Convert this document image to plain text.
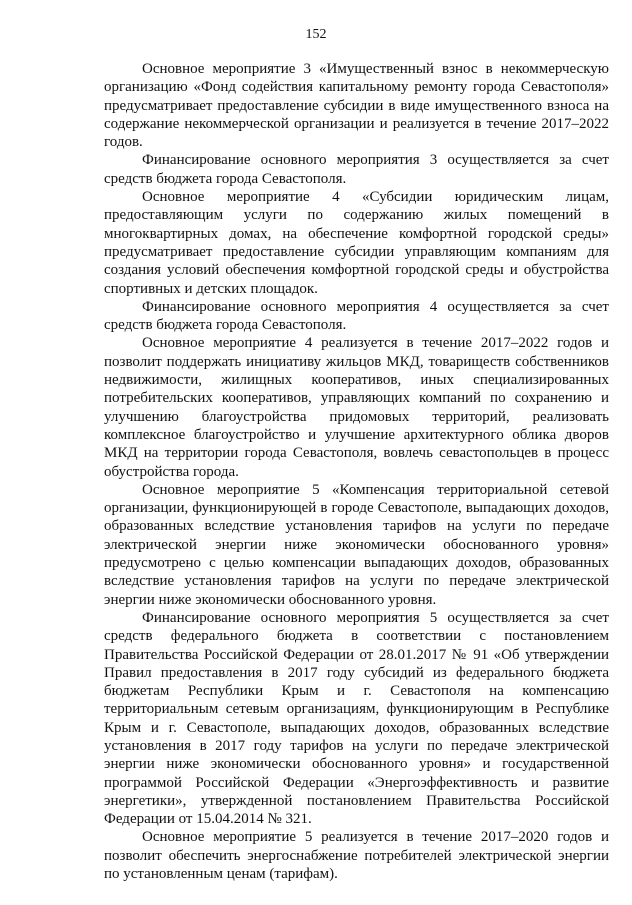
152

Основное мероприятие 3 «Имущественный взнос в некоммерческую организацию «Фонд содействия капитальному ремонту города Севастополя» предусматривает предоставление субсидии в виде имущественного взноса на содержание некоммерческой организации и реализуется в течение 2017–2022 годов.

Финансирование основного мероприятия 3 осуществляется за счет средств бюджета города Севастополя.

Основное мероприятие 4 «Субсидии юридическим лицам, предоставляющим услуги по содержанию жилых помещений в многоквартирных домах, на обеспечение комфортной городской среды» предусматривает предоставление субсидии управляющим компаниям для создания условий обеспечения комфортной городской среды и обустройства спортивных и детских площадок.

Финансирование основного мероприятия 4 осуществляется за счет средств бюджета города Севастополя.

Основное мероприятие 4 реализуется в течение 2017–2022 годов и позволит поддержать инициативу жильцов МКД, товариществ собственников недвижимости, жилищных кооперативов, иных специализированных потребительских кооперативов, управляющих компаний по сохранению и улучшению благоустройства придомовых территорий, реализовать комплексное благоустройство и улучшение архитектурного облика дворов МКД на территории города Севастополя, вовлечь севастопольцев в процесс обустройства города.

Основное мероприятие 5 «Компенсация территориальной сетевой организации, функционирующей в городе Севастополе, выпадающих доходов, образованных вследствие установления тарифов на услуги по передаче электрической энергии ниже экономически обоснованного уровня» предусмотрено с целью компенсации выпадающих доходов, образованных вследствие установления тарифов на услуги по передаче электрической энергии ниже экономически обоснованного уровня.

Финансирование основного мероприятия 5 осуществляется за счет средств федерального бюджета в соответствии с постановлением Правительства Российской Федерации от 28.01.2017 № 91 «Об утверждении Правил предоставления в 2017 году субсидий из федерального бюджета бюджетам Республики Крым и г. Севастополя на компенсацию территориальным сетевым организациям, функционирующим в Республике Крым и г. Севастополе, выпадающих доходов, образованных вследствие установления в 2017 году тарифов на услуги по передаче электрической энергии ниже экономически обоснованного уровня» и государственной программой Российской Федерации «Энергоэффективность и развитие энергетики», утвержденной постановлением Правительства Российской Федерации от 15.04.2014 № 321.

Основное мероприятие 5 реализуется в течение 2017–2020 годов и позволит обеспечить энергоснабжение потребителей электрической энергии по установленным ценам (тарифам).
